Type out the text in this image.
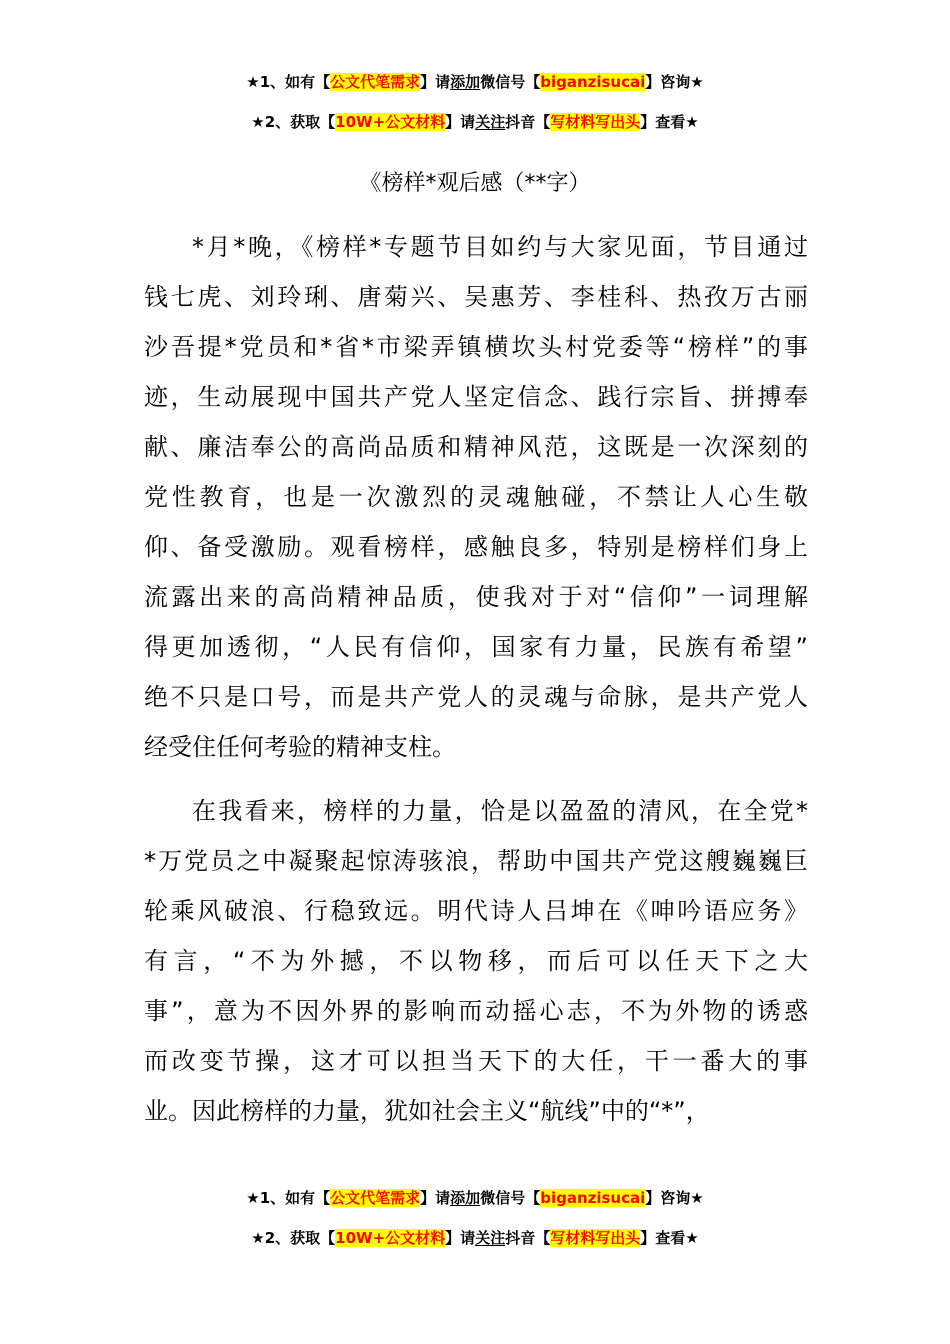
★1、如有【公文代笔需求】请添加微信号【biganzisucai】咨询★
★2、获取【10W+公文材料】请关注抖音【写材料写出头】查看★
《榜样*观后感（**字）
*月*晚，《榜样*专题节目如约与大家见面，节目通过
钱七虎、刘玲琍、唐菊兴、吴惠芳、李桂科、热孜万古丽
沙吾提*党员和*省*市梁弄镇横坎头村党委等“榜样”的事
迹，生动展现中国共产党人坚定信念、践行宗旨、拼搏奉
献、廉洁奉公的高尚品质和精神风范，这既是一次深刻的
党性教育，也是一次激烈的灵魂触碰，不禁让人心生敬
仰、备受激励。观看榜样，感触良多，特别是榜样们身上
流露出来的高尚精神品质，使我对于对“信仰”一词理解
得更加透彻，“人民有信仰，国家有力量，民族有希望”
绝不只是口号，而是共产党人的灵魂与命脉，是共产党人
经受住任何考验的精神支柱。
在我看来，榜样的力量，恰是以盈盈的清风，在全党*
*万党员之中凝聚起惊涛骇浪，帮助中国共产党这艘巍巍巨
轮乘风破浪、行稳致远。明代诗人吕坤在《呻吟语应务》
有言，“不为外撼，不以物移，而后可以任天下之大
事”，意为不因外界的影响而动摇心志，不为外物的诱惑
而改变节操，这才可以担当天下的大任，干一番大的事
业。因此榜样的力量，犹如社会主义“航线”中的“*”，
★1、如有【公文代笔需求】请添加微信号【biganzisucai】咨询★
★2、获取【10W+公文材料】请关注抖音【写材料写出头】查看★
